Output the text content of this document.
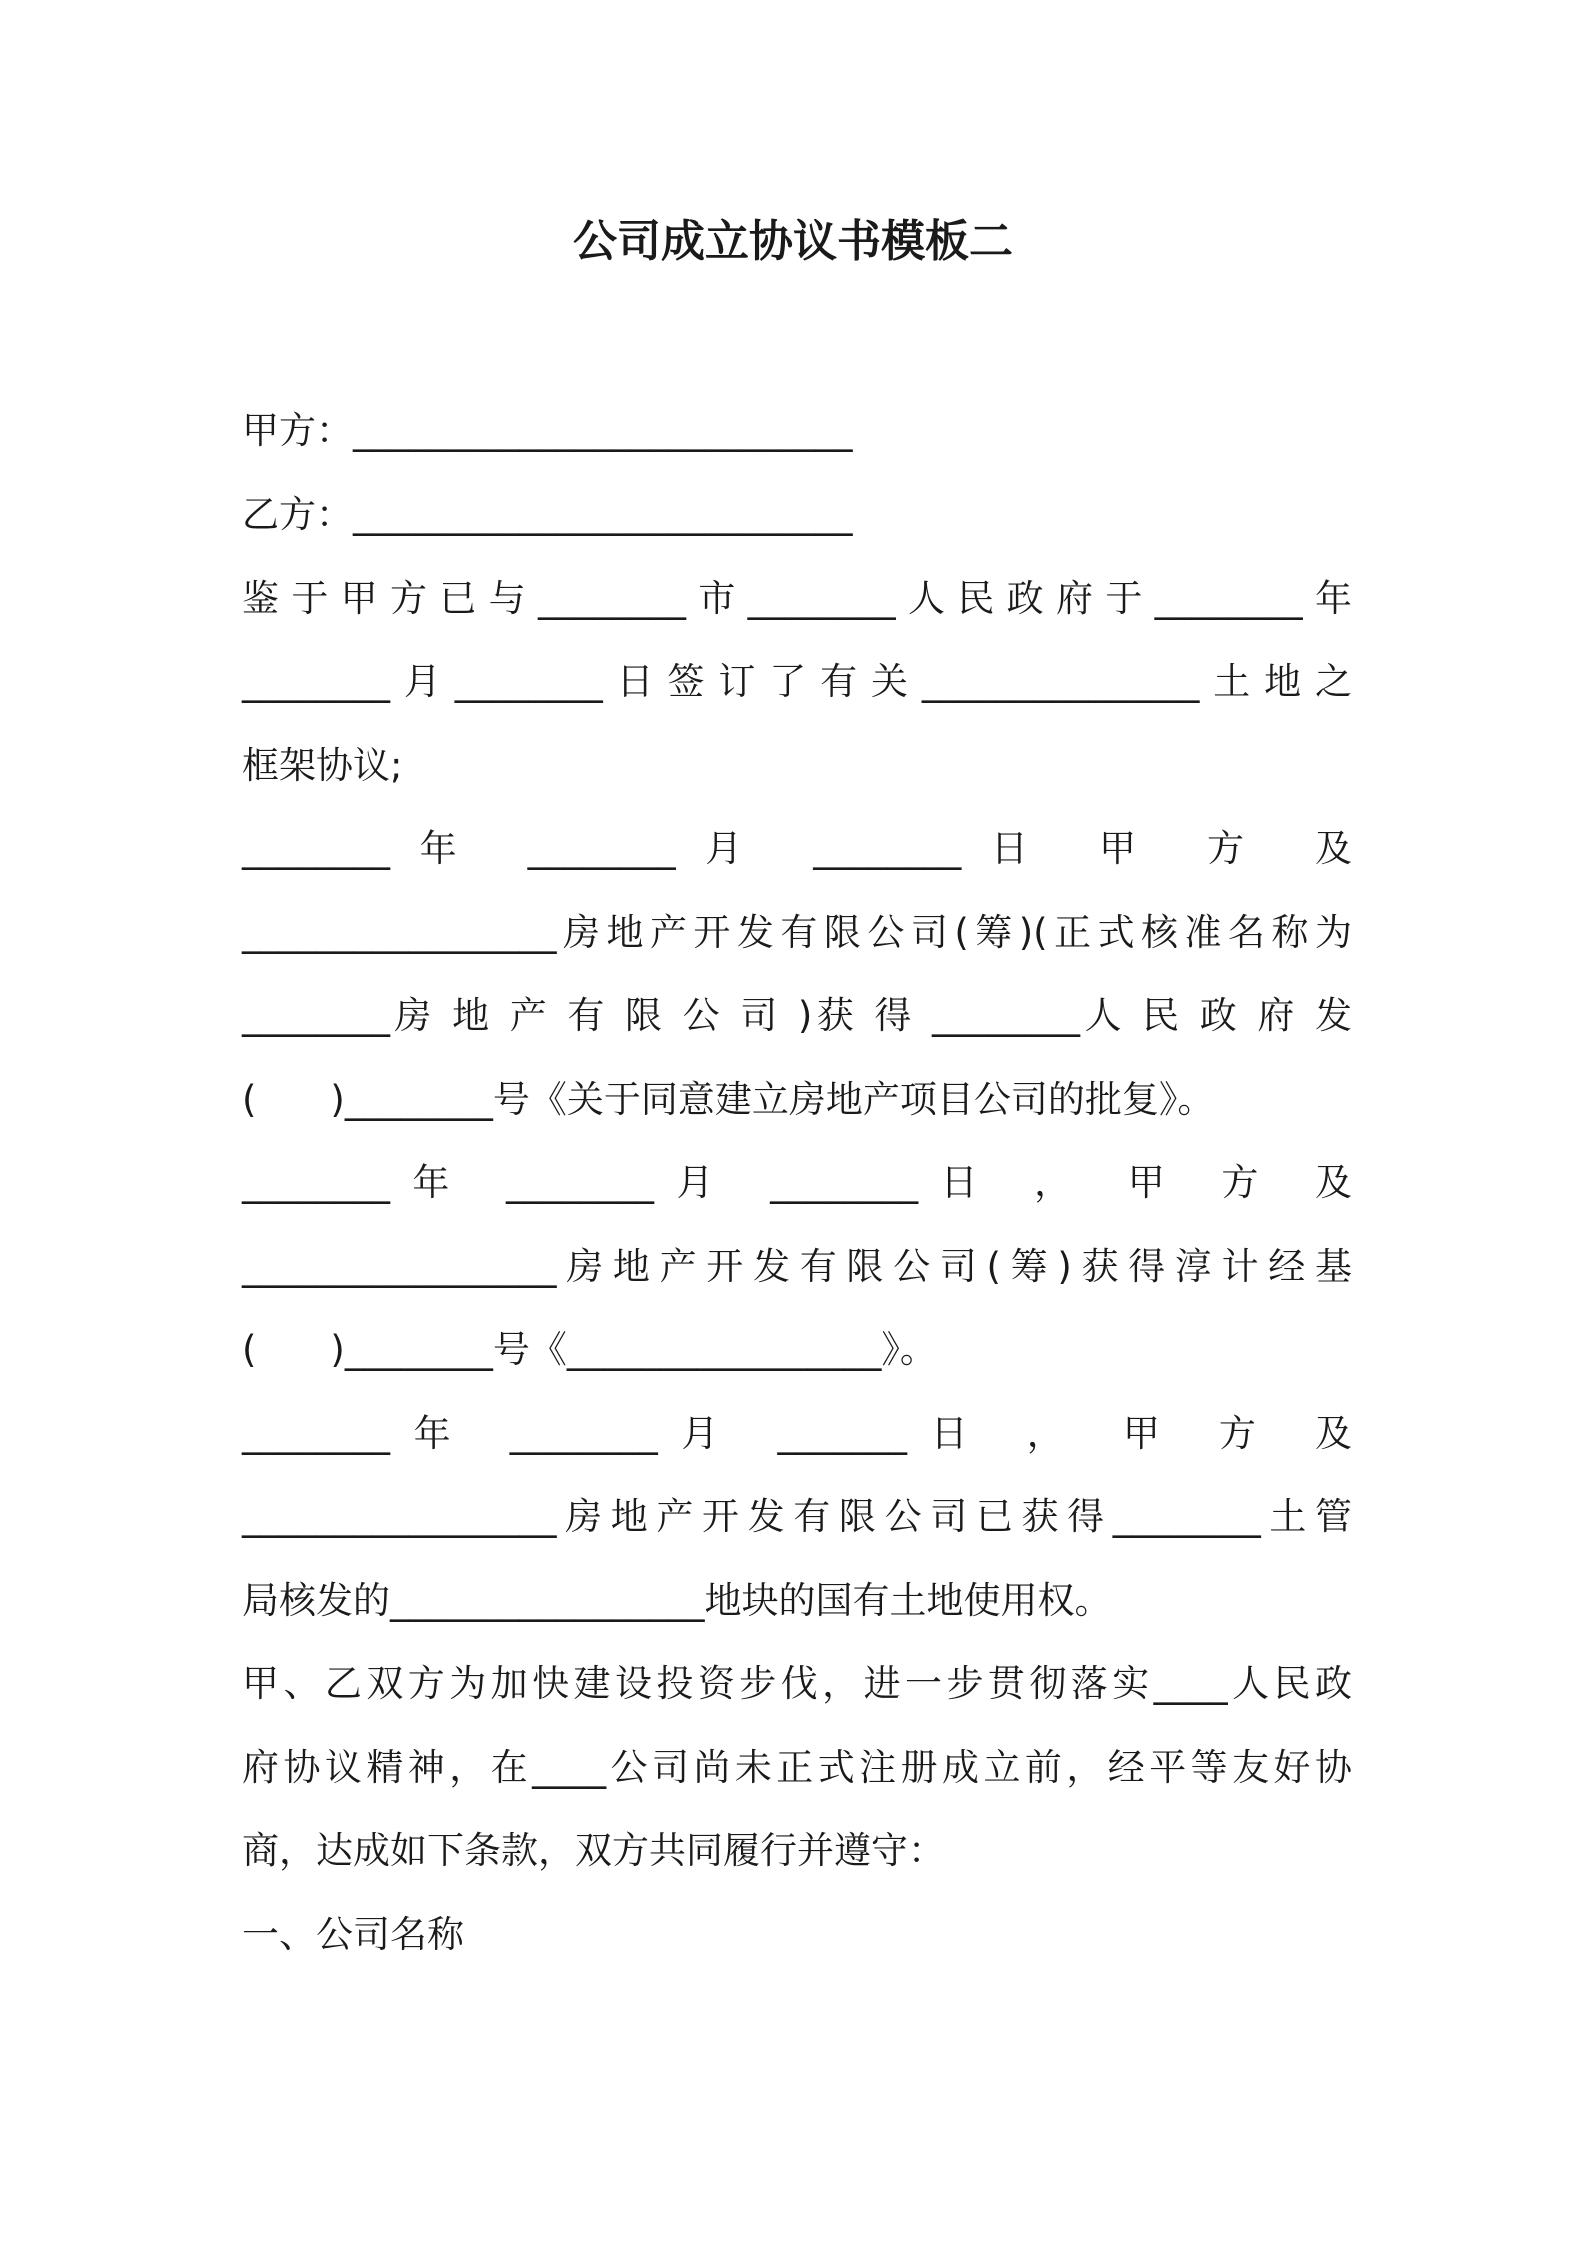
公司成立协议书模板二
甲方：___________________________
乙方：___________________________
鉴于甲方已与________市________人民政府于________年
________月________日签订了有关_______________土地之
框架协议;
________年 ________月 ________日 甲 方 及
_________________房地产开发有限公司(筹)(正式核准名称为
________房 地 产 有 限 公 司 )获 得 ________人 民 政 府 发
(　　)________号《关于同意建立房地产项目公司的批复》。
________年 ________月 ________日 ， 甲 方 及
_________________房地产开发有限公司(筹)获得淳计经基
(　　)________号《_________________》。
________年 ________月 _______日 ， 甲 方 及
_________________房地产开发有限公司已获得________土管
局核发的_________________地块的国有土地使用权。
甲、乙双方为加快建设投资步伐，进一步贯彻落实____人民政
府协议精神，在____公司尚未正式注册成立前，经平等友好协
商，达成如下条款，双方共同履行并遵守：
一、公司名称
